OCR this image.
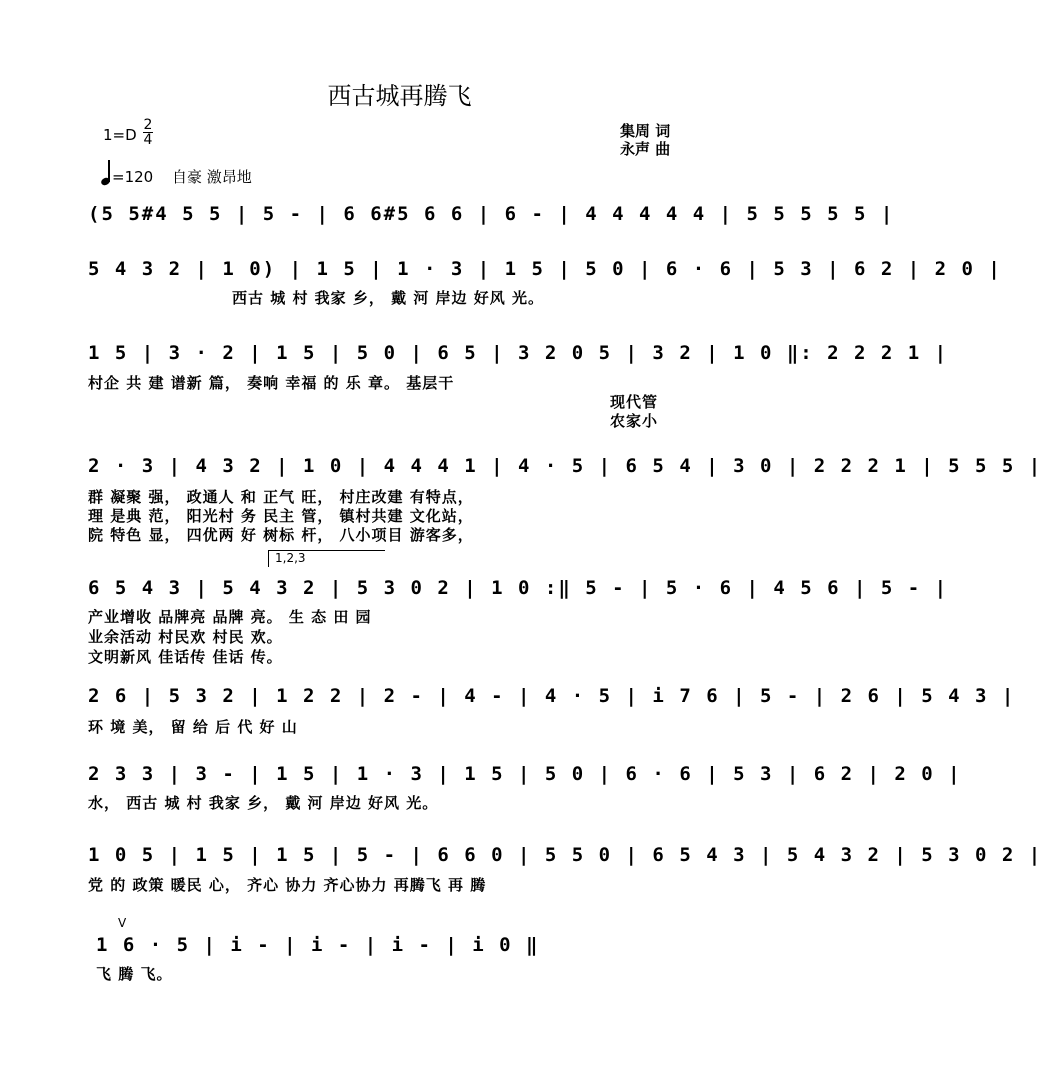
西古城再腾飞
1=D
2
4	集周 词
永声 曲
=120 自豪 激昂地
(5 5#4 5 5 | 5 - | 6 6#5 6 6 | 6 - | 4 4 4 4 4 | 5 5 5 5 5 |
5 4 3 2 | 1 0) | 1 5 | 1 · 3 | 1 5 | 5 0 | 6 · 6 | 5 3 | 6 2 | 2 0 |
西古 城 村 我家 乡， 戴 河 岸边 好风 光。
1 5 | 3 · 2 | 1 5 | 5 0 | 6 5 | 3 2 0 5 | 3 2 | 1 0 ‖: 2 2 2 1 |
村企 共 建 谱新 篇， 奏响 幸福 的 乐 章。 基层干
现代管
农家小
2 · 3 | 4 3 2 | 1 0 | 4 4 4 1 | 4 · 5 | 6 5 4 | 3 0 | 2 2 2 1 | 5 5 5 |
群 凝聚 强， 政通人 和 正气 旺， 村庄改建 有特点，
理 是典 范， 阳光村 务 民主 管， 镇村共建 文化站，
院 特色 显， 四优两 好 树标 杆， 八小项目 游客多，
1,2,3
6 5 4 3 | 5 4 3 2 | 5 3 0 2 | 1 0 :‖ 5 - | 5 · 6 | 4 5 6 | 5 - |
产业增收 品牌亮 品牌 亮。 生 态 田 园
业余活动 村民欢 村民 欢。
文明新风 佳话传 佳话 传。
2 6 | 5 3 2 | 1 2 2 | 2 - | 4 - | 4 · 5 | i 7 6 | 5 - | 2 6 | 5 4 3 |
环 境 美， 留 给 后 代 好 山
2 3 3 | 3 - | 1 5 | 1 · 3 | 1 5 | 5 0 | 6 · 6 | 5 3 | 6 2 | 2 0 |
水， 西古 城 村 我家 乡， 戴 河 岸边 好风 光。
1 0 5 | 1 5 | 1 5 | 5 - | 6 6 0 | 5 5 0 | 6 5 4 3 | 5 4 3 2 | 5 3 0 2 |
党 的 政策 暖民 心， 齐心 协力 齐心协力 再腾飞 再 腾
V
1 6 · 5 | i - | i - | i - | i 0 ‖
飞 腾 飞。
